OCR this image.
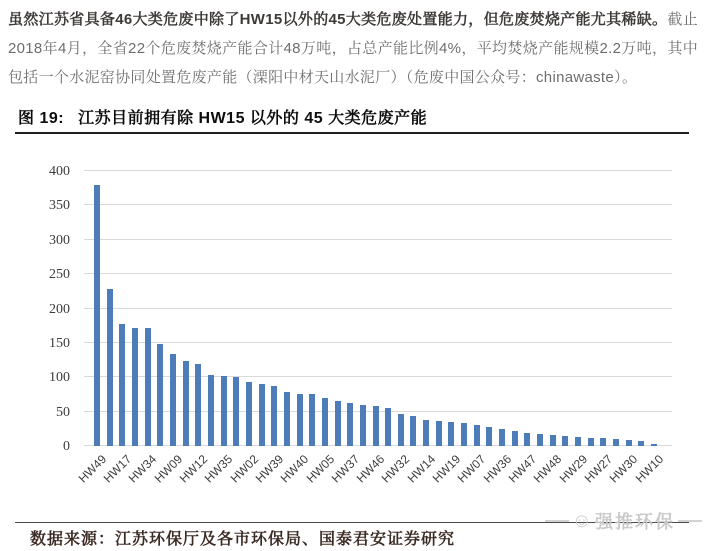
虽然江苏省具备46大类危废中除了HW15以外的45大类危废处置能力，但危废焚烧产能尤其稀缺。截止2018年4月，全省22个危废焚烧产能合计48万吨，占总产能比例4%，平均焚烧产能规模2.2万吨，其中包括一个水泥窑协同处置危废产能（溧阳中材天山水泥厂）（危废中国公众号：chinawaste）。

图 19: 江苏目前拥有除 HW15 以外的 45 大类危废产能
0
50
100
150
200
250
300
350
400
HW49
HW17
HW34
HW09
HW12
HW35
HW02
HW39
HW40
HW05
HW37
HW46
HW32
HW14
HW19
HW07
HW36
HW47
HW48
HW29
HW27
HW30
HW10
数据来源：江苏环保厅及各市环保局、国泰君安证券研究
☺ 强推环保
